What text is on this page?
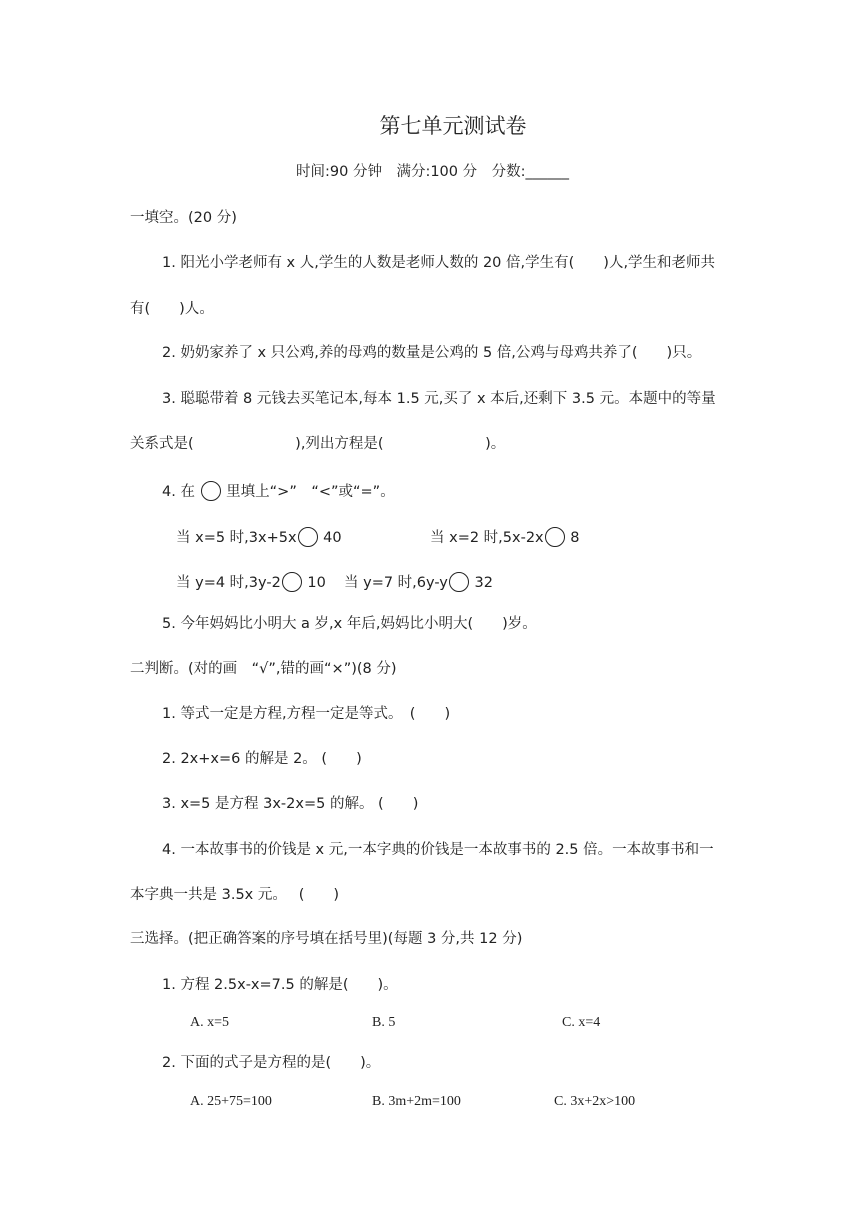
第七单元测试卷
时间:90 分钟　满分:100 分　分数:______
一填空。(20 分)
1. 阳光小学老师有 x 人,学生的人数是老师人数的 20 倍,学生有(　　)人,学生和老师共
有(　　)人。
2. 奶奶家养了 x 只公鸡,养的母鸡的数量是公鸡的 5 倍,公鸡与母鸡共养了(　　)只。
3. 聪聪带着 8 元钱去买笔记本,每本 1.5 元,买了 x 本后,还剩下 3.5 元。本题中的等量
关系式是(　　　　　　　),列出方程是(　　　　　　　)。
4. 在 里填上“>”　“<”或“=”。
当 x=5 时,3x+5x 40	当 x=2 时,5x-2x 8
当 y=4 时,3y-2 10 当 y=7 时,6y-y 32
5. 今年妈妈比小明大 a 岁,x 年后,妈妈比小明大(　　)岁。
二判断。(对的画　“√”,错的画“×”)(8 分)
1. 等式一定是方程,方程一定是等式。　(　　)
2. 2x+x=6 的解是 2。 (　　)
3. x=5 是方程 3x-2x=5 的解。 (　　)
4. 一本故事书的价钱是 x 元,一本字典的价钱是一本故事书的 2.5 倍。一本故事书和一
本字典一共是 3.5x 元。　 (　　)
三选择。(把正确答案的序号填在括号里)(每题 3 分,共 12 分)
1. 方程 2.5x-x=7.5 的解是(　　)。
A. x=5	B. 5	C. x=4
2. 下面的式子是方程的是(　　)。
A. 25+75=100	B. 3m+2m=100	C. 3x+2x>100
